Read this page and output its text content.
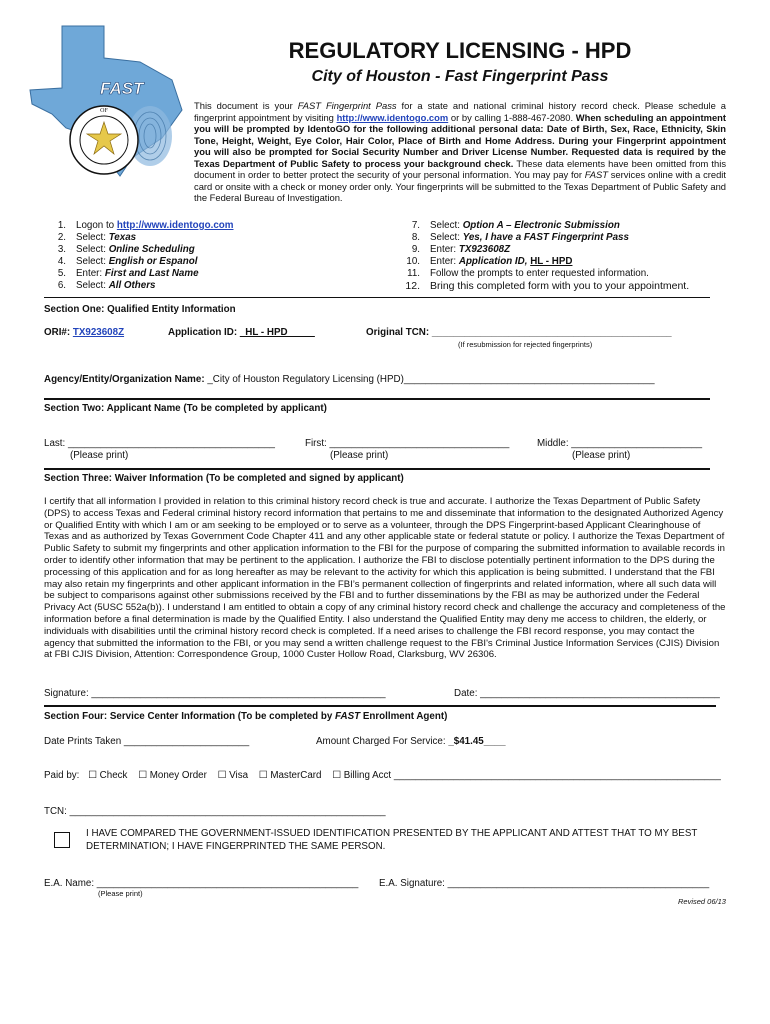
FAST
OF
REGULATORY LICENSING - HPD
City of Houston - Fast Fingerprint Pass
This document is your FAST Fingerprint Pass for a state and national criminal history record check. Please schedule a fingerprint appointment by visiting http://www.identogo.com or by calling 1-888-467-2080. When scheduling an appointment you will be prompted by IdentoGO for the following additional personal data: Date of Birth, Sex, Race, Ethnicity, Skin Tone, Height, Weight, Eye Color, Hair Color, Place of Birth and Home Address. During your Fingerprint appointment you will also be prompted for Social Security Number and Driver License Number. Requested data is required by the Texas Department of Public Safety to process your background check. These data elements have been omitted from this document in order to better protect the security of your personal information. You may pay for FAST services online with a credit card or onsite with a check or money order only. Your fingerprints will be submitted to the Texas Department of Public Safety and the Federal Bureau of Investigation.
1. Logon to http://www.identogo.com
2. Select: Texas
3. Select: Online Scheduling
4. Select: English or Espanol
5. Enter: First and Last Name
6. Select: All Others
7. Select: Option A – Electronic Submission
8. Select: Yes, I have a FAST Fingerprint Pass
9. Enter: TX923608Z
10. Enter: Application ID, HL - HPD
11. Follow the prompts to enter requested information.
12. Bring this completed form with you to your appointment.
Section One: Qualified Entity Information
ORI#: TX923608Z	Application ID: _HL - HPD_____	Original TCN: ____________________________________________
(If resubmission for rejected fingerprints)
Agency/Entity/Organization Name: _City of Houston Regulatory Licensing (HPD)______________________________________________
Section Two: Applicant Name (To be completed by applicant)
Last: ______________________________________	First: _________________________________	Middle: ________________________
(Please print)	(Please print)	(Please print)
Section Three: Waiver Information (To be completed and signed by applicant)
I certify that all information I provided in relation to this criminal history record check is true and accurate. I authorize the Texas Department of Public Safety (DPS) to access Texas and Federal criminal history record information that pertains to me and disseminate that information to the designated Authorized Agency or Qualified Entity with which I am or am seeking to be employed or to serve as a volunteer, through the DPS Fingerprint-based Applicant Clearinghouse of Texas and as authorized by Texas Government Code Chapter 411 and any other applicable state or federal statute or policy. I authorize the Texas Department of Public Safety to submit my fingerprints and other application information to the FBI for the purpose of comparing the submitted information to available records in order to identify other information that may be pertinent to the application. I authorize the FBI to disclose potentially pertinent information to the DPS during the processing of this application and for as long hereafter as may be relevant to the activity for which this application is being submitted. I understand that the FBI may also retain my fingerprints and other applicant information in the FBI’s permanent collection of fingerprints and related information, where all such data will be subject to comparisons against other submissions received by the FBI and to further disseminations by the FBI as may be authorized under the Federal Privacy Act (5USC 552a(b)). I understand I am entitled to obtain a copy of any criminal history record check and challenge the accuracy and completeness of the information before a final determination is made by the Qualified Entity. I also understand the Qualified Entity may deny me access to children, the elderly, or individuals with disabilities until the criminal history record check is completed. If a need arises to challenge the FBI record response, you may contact the agency that submitted the information to the FBI, or you may send a written challenge request to the FBI's Criminal Justice Information Services (CJIS) Division at FBI CJIS Division, Attention: Correspondence Group, 1000 Custer Hollow Road, Clarksburg, WV 26306.
Signature: ______________________________________________________	Date: ____________________________________________
Section Four: Service Center Information (To be completed by FAST Enrollment Agent)
Date Prints Taken _______________________	Amount Charged For Service: _$41.45____
Paid by: ☐ Check ☐ Money Order ☐ Visa ☐ MasterCard ☐ Billing Acct ____________________________________________________________
TCN: __________________________________________________________
I HAVE COMPARED THE GOVERNMENT-ISSUED IDENTIFICATION PRESENTED BY THE APPLICANT AND ATTEST THAT TO MY BEST DETERMINATION; I HAVE FINGERPRINTED THE SAME PERSON.
E.A. Name: ________________________________________________ E.A. Signature: ________________________________________________
(Please print)
Revised 06/13
